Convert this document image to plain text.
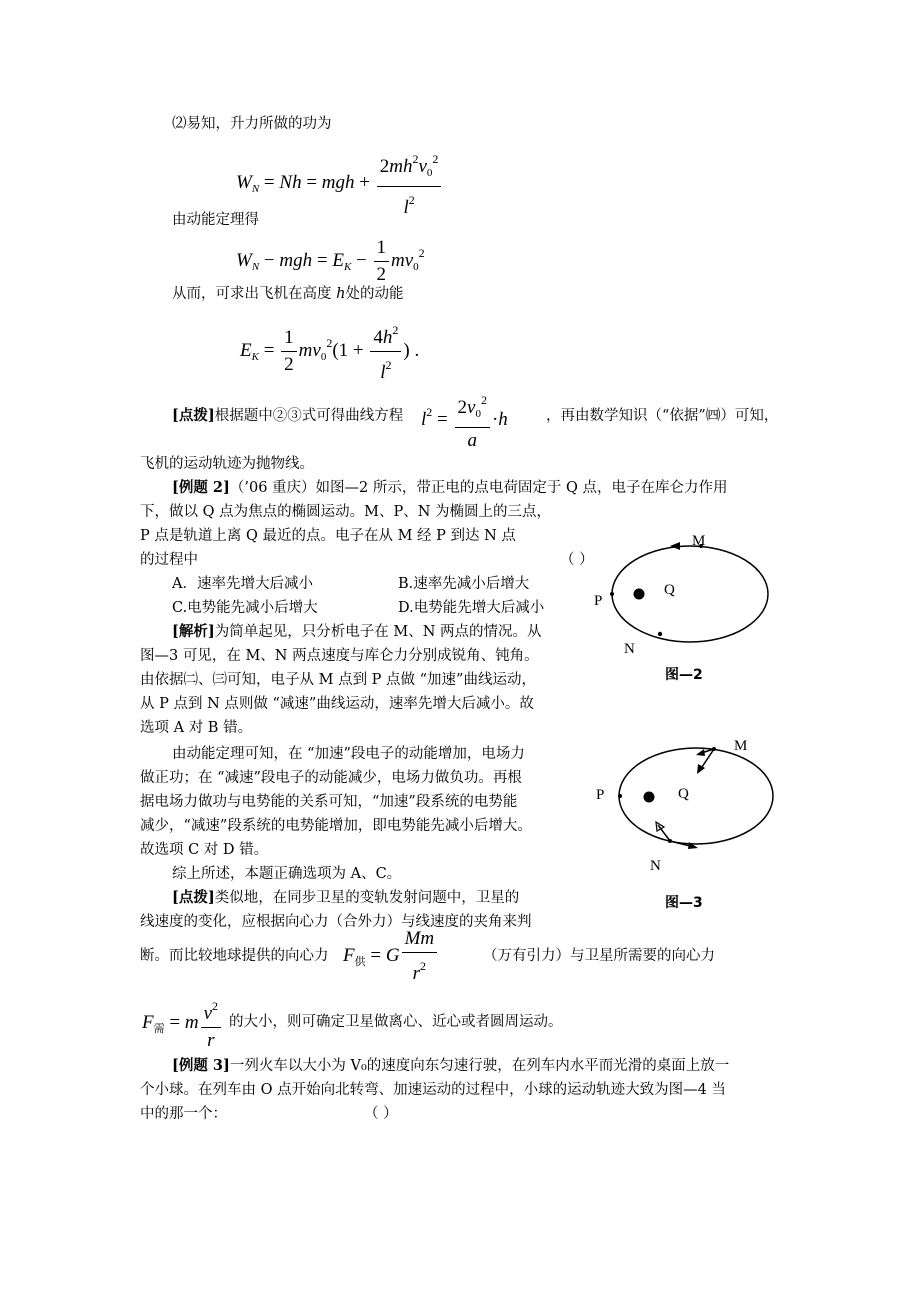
⑵易知，升力所做的功为
$W_N = Nh$ = mgh + $\frac{2mh^2v_0^2}{l^2}$
由动能定理得
$W_N$ − mgh = $E_K - \frac{1}{2} mv_0^2$
从而，可求出飞机在高度 h处的动能
$E_K = \frac{1}{2} mv_0^2(1 + \frac{4h^2}{l^2}$ ) .
[点拨]根据题中②③式可得曲线方程 $l^2 = \frac{2v_0^2}{a} \cdot h$	，再由数学知识（“依据”㈣）可知，
飞机的运动轨迹为抛物线。
[例题 2]（’06 重庆）如图—2 所示，带正电的点电荷固定于 Q 点，电子在库仑力作用
下，做以 Q 点为焦点的椭圆运动。M、P、N 为椭圆上的三点，
P 点是轨道上离 Q 最近的点。电子在从 M 经 P 到达 N 点
的过程中	（ ）
A．速率先增大后减小	B.速率先减小后增大
C.电势能先减小后增大	D.电势能先增大后减小
[解析]为简单起见，只分析电子在 M、N 两点的情况。从
图—3 可见，在 M、N 两点速度与库仑力分别成锐角、钝角。
由依据㈡、㈢可知，电子从 M 点到 P 点做 “加速”曲线运动，
从 P 点到 N 点则做 “减速”曲线运动，速率先增大后减小。故
选项 A 对 B 错。
由动能定理可知，在 “加速”段电子的动能增加，电场力
做正功；在 “减速”段电子的动能减少，电场力做负功。再根
据电场力做功与电势能的关系可知，“加速”段系统的电势能
减少，“减速”段系统的电势能增加，即电势能先减小后增大。
故选项 C 对 D 错。
综上所述，本题正确选项为 A、C。
[点拨]类似地，在同步卫星的变轨发射问题中，卫星的
线速度的变化，应根据向心力（合外力）与线速度的夹角来判
断。而比较地球提供的向心力 $F_供 = G \frac{Mm}{r^2}$	（万有引力）与卫星所需要的向心力
$F_需 = m \frac{v^2}{r}$ 的大小，则可确定卫星做离心、近心或者圆周运动。
[例题 3]一列火车以大小为 V₀的速度向东匀速行驶，在列车内水平而光滑的桌面上放一
个小球。在列车由 O 点开始向北转弯、加速运动的过程中，小球的运动轨迹大致为图—4 当
中的那一个：	（ ）
M
Q
P
N
图—2
M
Q
P
N
图—3
